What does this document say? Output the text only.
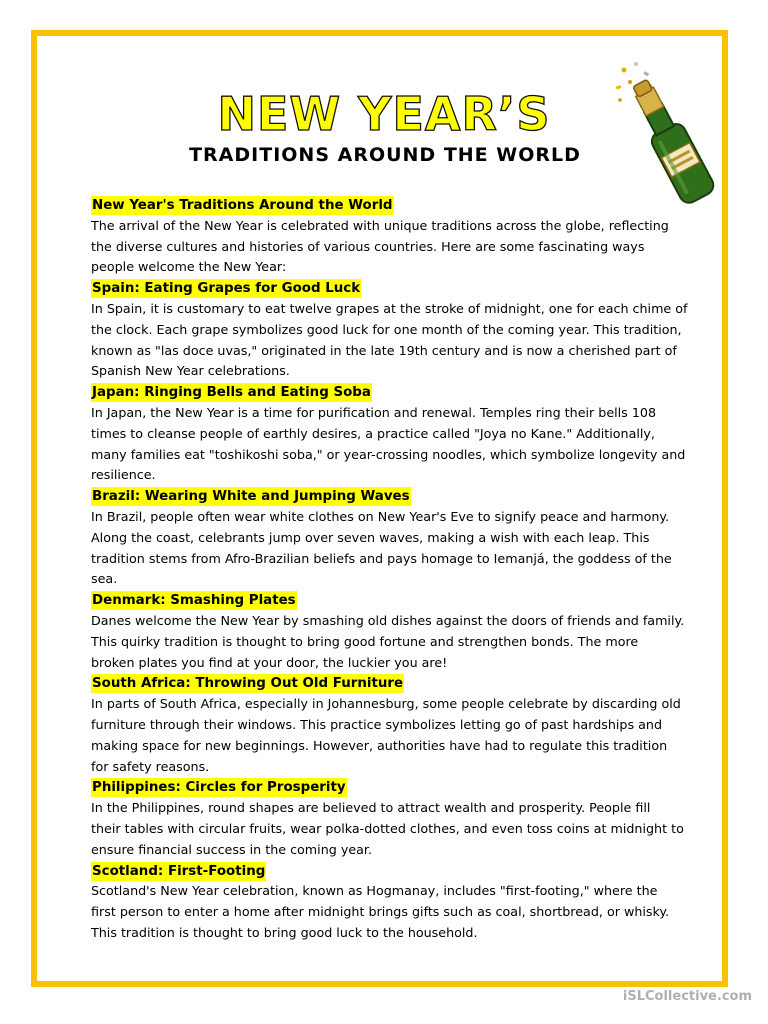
NEW YEAR’S
TRADITIONS AROUND THE WORLD
New Year's Traditions Around the World

The arrival of the New Year is celebrated with unique traditions across the globe, reflecting
the diverse cultures and histories of various countries. Here are some fascinating ways
people welcome the New Year:

Spain: Eating Grapes for Good Luck

In Spain, it is customary to eat twelve grapes at the stroke of midnight, one for each chime of
the clock. Each grape symbolizes good luck for one month of the coming year. This tradition,
known as "las doce uvas," originated in the late 19th century and is now a cherished part of
Spanish New Year celebrations.

Japan: Ringing Bells and Eating Soba

In Japan, the New Year is a time for purification and renewal. Temples ring their bells 108
times to cleanse people of earthly desires, a practice called "Joya no Kane." Additionally,
many families eat "toshikoshi soba," or year-crossing noodles, which symbolize longevity and
resilience.

Brazil: Wearing White and Jumping Waves

In Brazil, people often wear white clothes on New Year's Eve to signify peace and harmony.
Along the coast, celebrants jump over seven waves, making a wish with each leap. This
tradition stems from Afro-Brazilian beliefs and pays homage to Iemanjá, the goddess of the
sea.

Denmark: Smashing Plates

Danes welcome the New Year by smashing old dishes against the doors of friends and family.
This quirky tradition is thought to bring good fortune and strengthen bonds. The more
broken plates you find at your door, the luckier you are!

South Africa: Throwing Out Old Furniture

In parts of South Africa, especially in Johannesburg, some people celebrate by discarding old
furniture through their windows. This practice symbolizes letting go of past hardships and
making space for new beginnings. However, authorities have had to regulate this tradition
for safety reasons.

Philippines: Circles for Prosperity

In the Philippines, round shapes are believed to attract wealth and prosperity. People fill
their tables with circular fruits, wear polka-dotted clothes, and even toss coins at midnight to
ensure financial success in the coming year.

Scotland: First-Footing

Scotland's New Year celebration, known as Hogmanay, includes "first-footing," where the
first person to enter a home after midnight brings gifts such as coal, shortbread, or whisky.
This tradition is thought to bring good luck to the household.

iSLCollective.com
